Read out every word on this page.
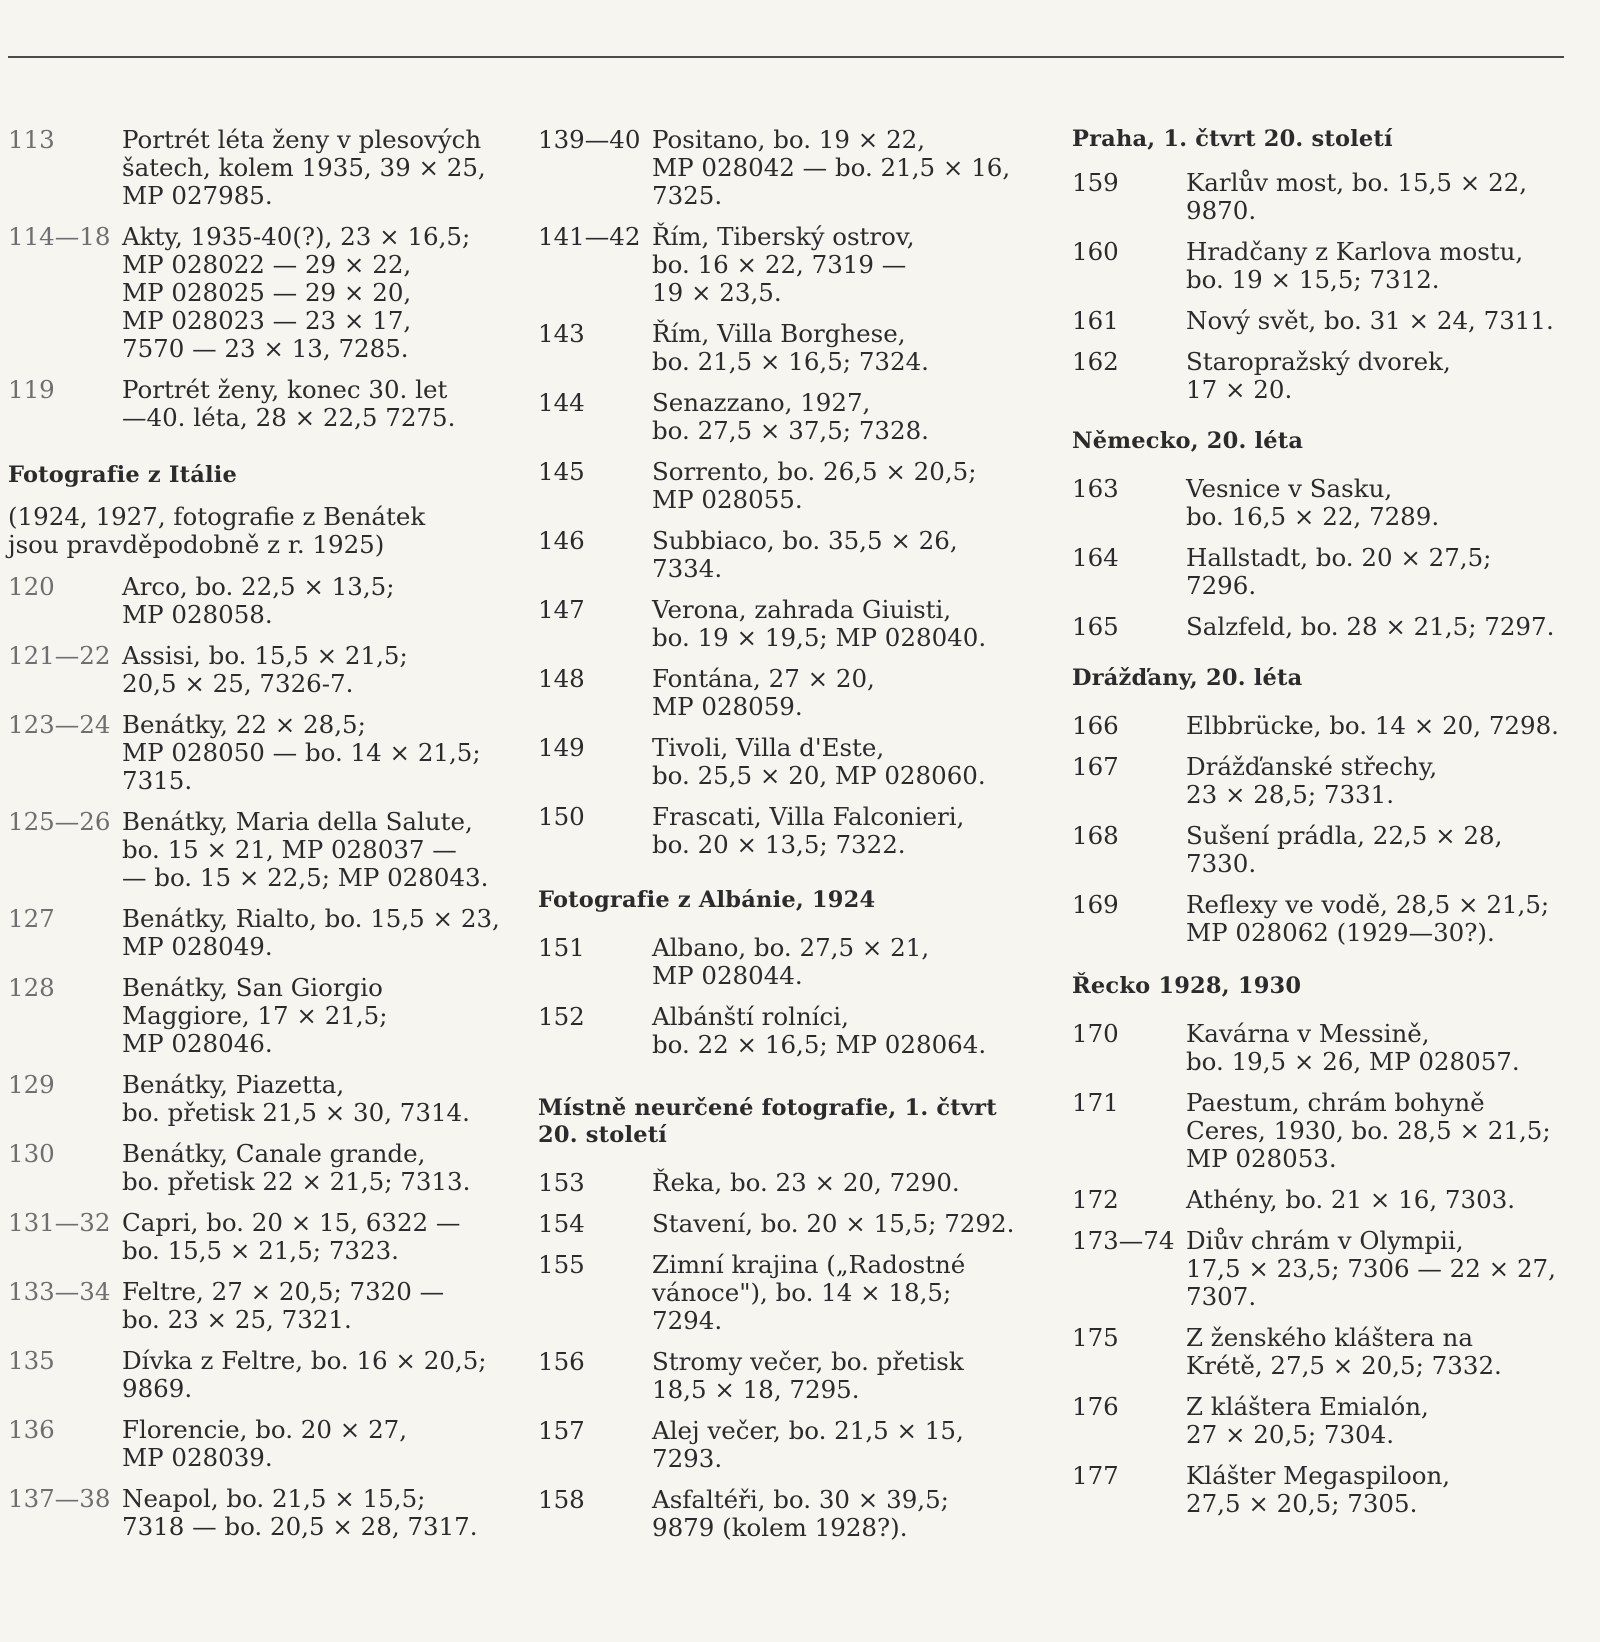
113	Portrét léta ženy v plesových
šatech, kolem 1935, 39 × 25,
MP 027985.
114—18 Akty, 1935-40(?), 23 × 16,5;
MP 028022 — 29 × 22,
MP 028025 — 29 × 20,
MP 028023 — 23 × 17,
7570 — 23 × 13, 7285.
119	Portrét ženy, konec 30. let
—40. léta, 28 × 22,5 7275.
Fotografie z Itálie
(1924, 1927, fotografie z Benátek
jsou pravděpodobně z r. 1925)
120	Arco, bo. 22,5 × 13,5;
MP 028058.
121—22 Assisi, bo. 15,5 × 21,5;
20,5 × 25, 7326-7.
123—24 Benátky, 22 × 28,5;
MP 028050 — bo. 14 × 21,5;
7315.
125—26 Benátky, Maria della Salute,
bo. 15 × 21, MP 028037 —
— bo. 15 × 22,5; MP 028043.
127	Benátky, Rialto, bo. 15,5 × 23,
MP 028049.
128	Benátky, San Giorgio
Maggiore, 17 × 21,5;
MP 028046.
129	Benátky, Piazetta,
bo. přetisk 21,5 × 30, 7314.
130	Benátky, Canale grande,
bo. přetisk 22 × 21,5; 7313.
131—32 Capri, bo. 20 × 15, 6322 —
bo. 15,5 × 21,5; 7323.
133—34 Feltre, 27 × 20,5; 7320 —
bo. 23 × 25, 7321.
135	Dívka z Feltre, bo. 16 × 20,5;
9869.
136	Florencie, bo. 20 × 27,
MP 028039.
137—38 Neapol, bo. 21,5 × 15,5;
7318 — bo. 20,5 × 28, 7317.
139—40 Positano, bo. 19 × 22,
MP 028042 — bo. 21,5 × 16,
7325.
141—42 Řím, Tiberský ostrov,
bo. 16 × 22, 7319 —
19 × 23,5.
143	Řím, Villa Borghese,
bo. 21,5 × 16,5; 7324.
144	Senazzano, 1927,
bo. 27,5 × 37,5; 7328.
145	Sorrento, bo. 26,5 × 20,5;
MP 028055.
146	Subbiaco, bo. 35,5 × 26,
7334.
147	Verona, zahrada Giuisti,
bo. 19 × 19,5; MP 028040.
148	Fontána, 27 × 20,
MP 028059.
149	Tivoli, Villa d'Este,
bo. 25,5 × 20, MP 028060.
150	Frascati, Villa Falconieri,
bo. 20 × 13,5; 7322.
Fotografie z Albánie, 1924
151	Albano, bo. 27,5 × 21,
MP 028044.
152	Albánští rolníci,
bo. 22 × 16,5; MP 028064.
Místně neurčené fotografie, 1. čtvrt
20. století
153	Řeka, bo. 23 × 20, 7290.
154	Stavení, bo. 20 × 15,5; 7292.
155	Zimní krajina („Radostné
vánoce"), bo. 14 × 18,5;
7294.
156	Stromy večer, bo. přetisk
18,5 × 18, 7295.
157	Alej večer, bo. 21,5 × 15,
7293.
158	Asfaltéři, bo. 30 × 39,5;
9879 (kolem 1928?).
Praha, 1. čtvrt 20. století
159	Karlův most, bo. 15,5 × 22,
9870.
160	Hradčany z Karlova mostu,
bo. 19 × 15,5; 7312.
161	Nový svět, bo. 31 × 24, 7311.
162	Staropražský dvorek,
17 × 20.
Německo, 20. léta
163	Vesnice v Sasku,
bo. 16,5 × 22, 7289.
164	Hallstadt, bo. 20 × 27,5;
7296.
165	Salzfeld, bo. 28 × 21,5; 7297.
Drážďany, 20. léta
166	Elbbrücke, bo. 14 × 20, 7298.
167	Drážďanské střechy,
23 × 28,5; 7331.
168	Sušení prádla, 22,5 × 28,
7330.
169	Reflexy ve vodě, 28,5 × 21,5;
MP 028062 (1929—30?).
Řecko 1928, 1930
170	Kavárna v Messině,
bo. 19,5 × 26, MP 028057.
171	Paestum, chrám bohyně
Ceres, 1930, bo. 28,5 × 21,5;
MP 028053.
172	Athény, bo. 21 × 16, 7303.
173—74 Diův chrám v Olympii,
17,5 × 23,5; 7306 — 22 × 27,
7307.
175	Z ženského kláštera na
Krétě, 27,5 × 20,5; 7332.
176	Z kláštera Emialón,
27 × 20,5; 7304.
177	Klášter Megaspiloon,
27,5 × 20,5; 7305.
